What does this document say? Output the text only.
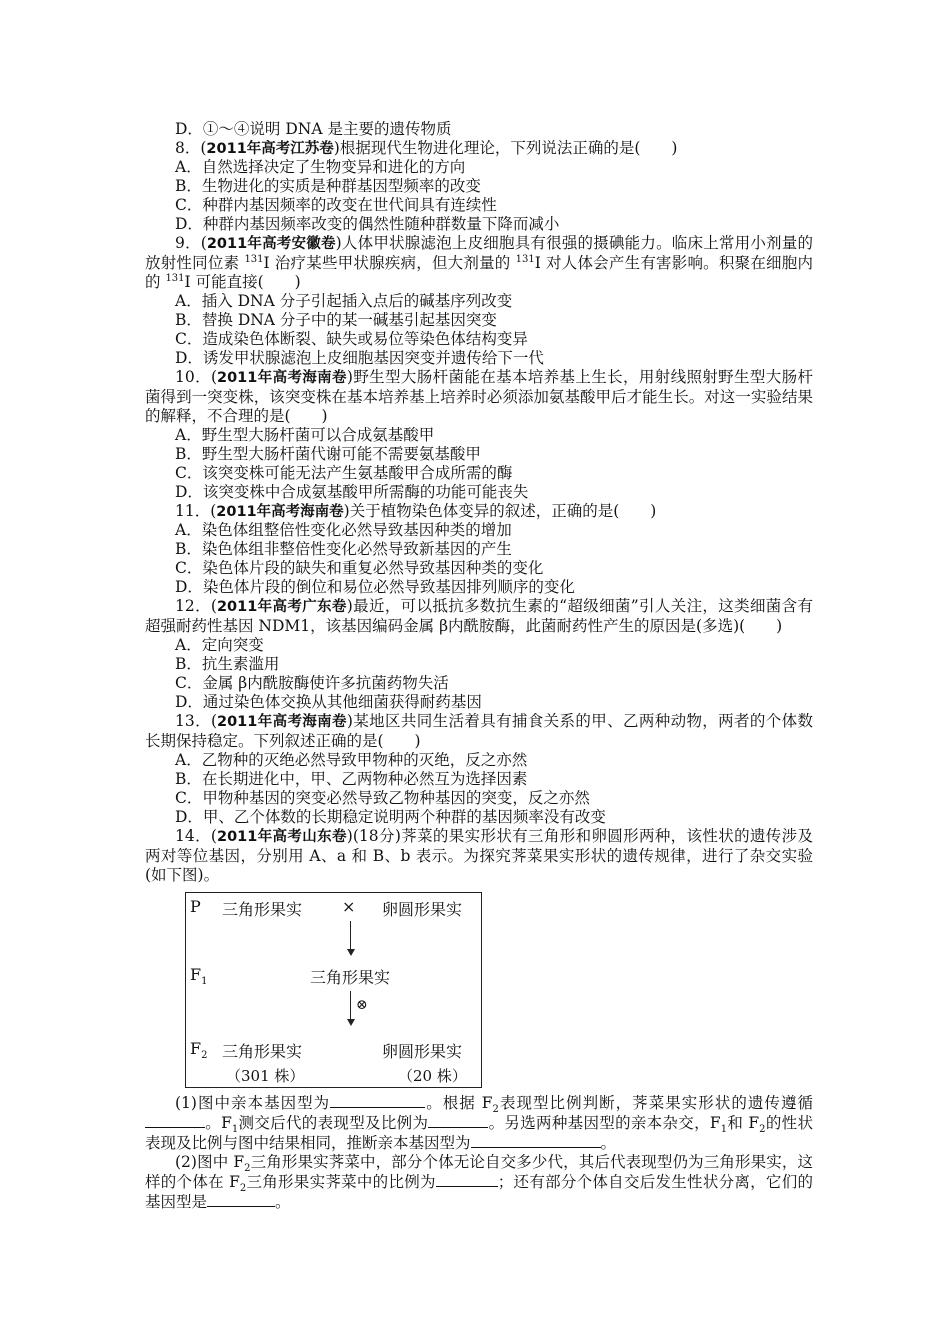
D．①～④说明 DNA 是主要的遗传物质
8．(2011年高考江苏卷)根据现代生物进化理论，下列说法正确的是(　　)
A．自然选择决定了生物变异和进化的方向
B．生物进化的实质是种群基因型频率的改变
C．种群内基因频率的改变在世代间具有连续性
D．种群内基因频率改变的偶然性随种群数量下降而减小
9．(2011年高考安徽卷)人体甲状腺滤泡上皮细胞具有很强的摄碘能力。临床上常用小剂量的放射性同位素 $^{131}$I 治疗某些甲状腺疾病，但大剂量的 $^{131}$I 对人体会产生有害影响。积聚在细胞内的 $^{131}$I 可能直接(　　)
A．插入 DNA 分子引起插入点后的碱基序列改变
B．替换 DNA 分子中的某一碱基引起基因突变
C．造成染色体断裂、缺失或易位等染色体结构变异
D．诱发甲状腺滤泡上皮细胞基因突变并遗传给下一代
10．(2011年高考海南卷)野生型大肠杆菌能在基本培养基上生长，用射线照射野生型大肠杆菌得到一突变株，该突变株在基本培养基上培养时必须添加氨基酸甲后才能生长。对这一实验结果的解释，不合理的是(　　)
A．野生型大肠杆菌可以合成氨基酸甲
B．野生型大肠杆菌代谢可能不需要氨基酸甲
C．该突变株可能无法产生氨基酸甲合成所需的酶
D．该突变株中合成氨基酸甲所需酶的功能可能丧失
11．(2011年高考海南卷)关于植物染色体变异的叙述，正确的是(　　)
A．染色体组整倍性变化必然导致基因种类的增加
B．染色体组非整倍性变化必然导致新基因的产生
C．染色体片段的缺失和重复必然导致基因种类的变化
D．染色体片段的倒位和易位必然导致基因排列顺序的变化
12．(2011年高考广东卷)最近，可以抵抗多数抗生素的“超级细菌”引人关注，这类细菌含有超强耐药性基因 NDM1，该基因编码金属 β内酰胺酶，此菌耐药性产生的原因是(多选)(　　)
A．定向突变
B．抗生素滥用
C．金属 β内酰胺酶使许多抗菌药物失活
D．通过染色体交换从其他细菌获得耐药基因
13．(2011年高考海南卷)某地区共同生活着具有捕食关系的甲、乙两种动物，两者的个体数长期保持稳定。下列叙述正确的是(　　)
A．乙物种的灭绝必然导致甲物种的灭绝，反之亦然
B．在长期进化中，甲、乙两物种必然互为选择因素
C．甲物种基因的突变必然导致乙物种基因的突变，反之亦然
D．甲、乙个体数的长期稳定说明两个种群的基因频率没有改变
14．(2011年高考山东卷)(18分)荠菜的果实形状有三角形和卵圆形两种，该性状的遗传涉及两对等位基因，分别用 A、a 和 B、b 表示。为探究荠菜果实形状的遗传规律，进行了杂交实验(如下图)。
P 三角形果实 × 卵圆形果实
$F_1$	三角形果实
⊗
$F_2$ 三角形果实	卵圆形果实
（301 株）	（20 株）
(1)图中亲本基因型为	。根据 $F_2$表现型比例判断，荠菜果实形状的遗传遵循。$F_1$测交后代的表现型及比例为	。另选两种基因型的亲本杂交，$F_1$和 $F_2$的性状表现及比例与图中结果相同，推断亲本基因型为	。
(2)图中 $F_2$三角形果实荠菜中，部分个体无论自交多少代，其后代表现型仍为三角形果实，这样的个体在 $F_2$三角形果实荠菜中的比例为	；还有部分个体自交后发生性状分离，它们的基因型是	。
